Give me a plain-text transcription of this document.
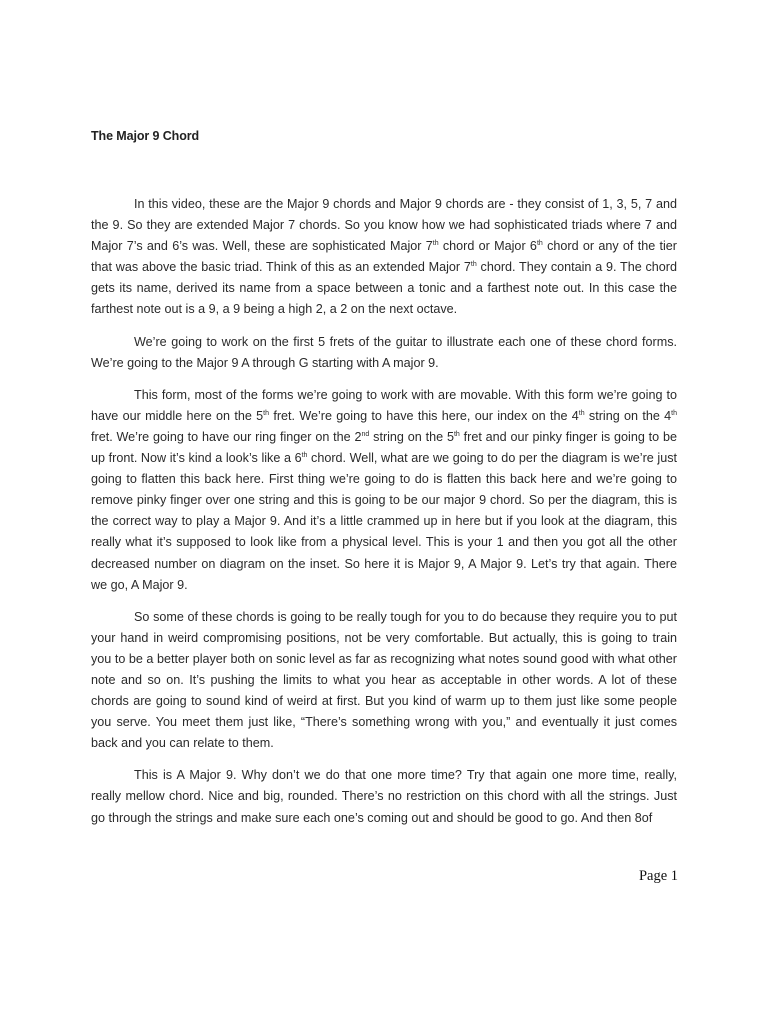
The Major 9 Chord

In this video, these are the Major 9 chords and Major 9 chords are - they consist of 1, 3, 5, 7 and the 9. So they are extended Major 7 chords. So you know how we had sophisticated triads where 7 and Major 7’s and 6’s was. Well, these are sophisticated Major 7th chord or Major 6th chord or any of the tier that was above the basic triad. Think of this as an extended Major 7th chord. They contain a 9. The chord gets its name, derived its name from a space between a tonic and a farthest note out. In this case the farthest note out is a 9, a 9 being a high 2, a 2 on the next octave.

We’re going to work on the first 5 frets of the guitar to illustrate each one of these chord forms. We’re going to the Major 9 A through G starting with A major 9.

This form, most of the forms we’re going to work with are movable. With this form we’re going to have our middle here on the 5th fret. We’re going to have this here, our index on the 4th string on the 4th fret. We’re going to have our ring finger on the 2nd string on the 5th fret and our pinky finger is going to be up front. Now it’s kind a look’s like a 6th chord. Well, what are we going to do per the diagram is we’re just going to flatten this back here. First thing we’re going to do is flatten this back here and we’re going to remove pinky finger over one string and this is going to be our major 9 chord. So per the diagram, this is the correct way to play a Major 9. And it’s a little crammed up in here but if you look at the diagram, this really what it’s supposed to look like from a physical level. This is your 1 and then you got all the other decreased number on diagram on the inset. So here it is Major 9, A Major 9. Let’s try that again. There we go, A Major 9.

So some of these chords is going to be really tough for you to do because they require you to put your hand in weird compromising positions, not be very comfortable. But actually, this is going to train you to be a better player both on sonic level as far as recognizing what notes sound good with what other note and so on. It’s pushing the limits to what you hear as acceptable in other words. A lot of these chords are going to sound kind of weird at first. But you kind of warm up to them just like some people you serve. You meet them just like, “There’s something wrong with you,” and eventually it just comes back and you can relate to them.

This is A Major 9. Why don’t we do that one more time? Try that again one more time, really, really mellow chord. Nice and big, rounded. There’s no restriction on this chord with all the strings. Just go through the strings and make sure each one’s coming out and should be good to go. And then 8of

Page 1
